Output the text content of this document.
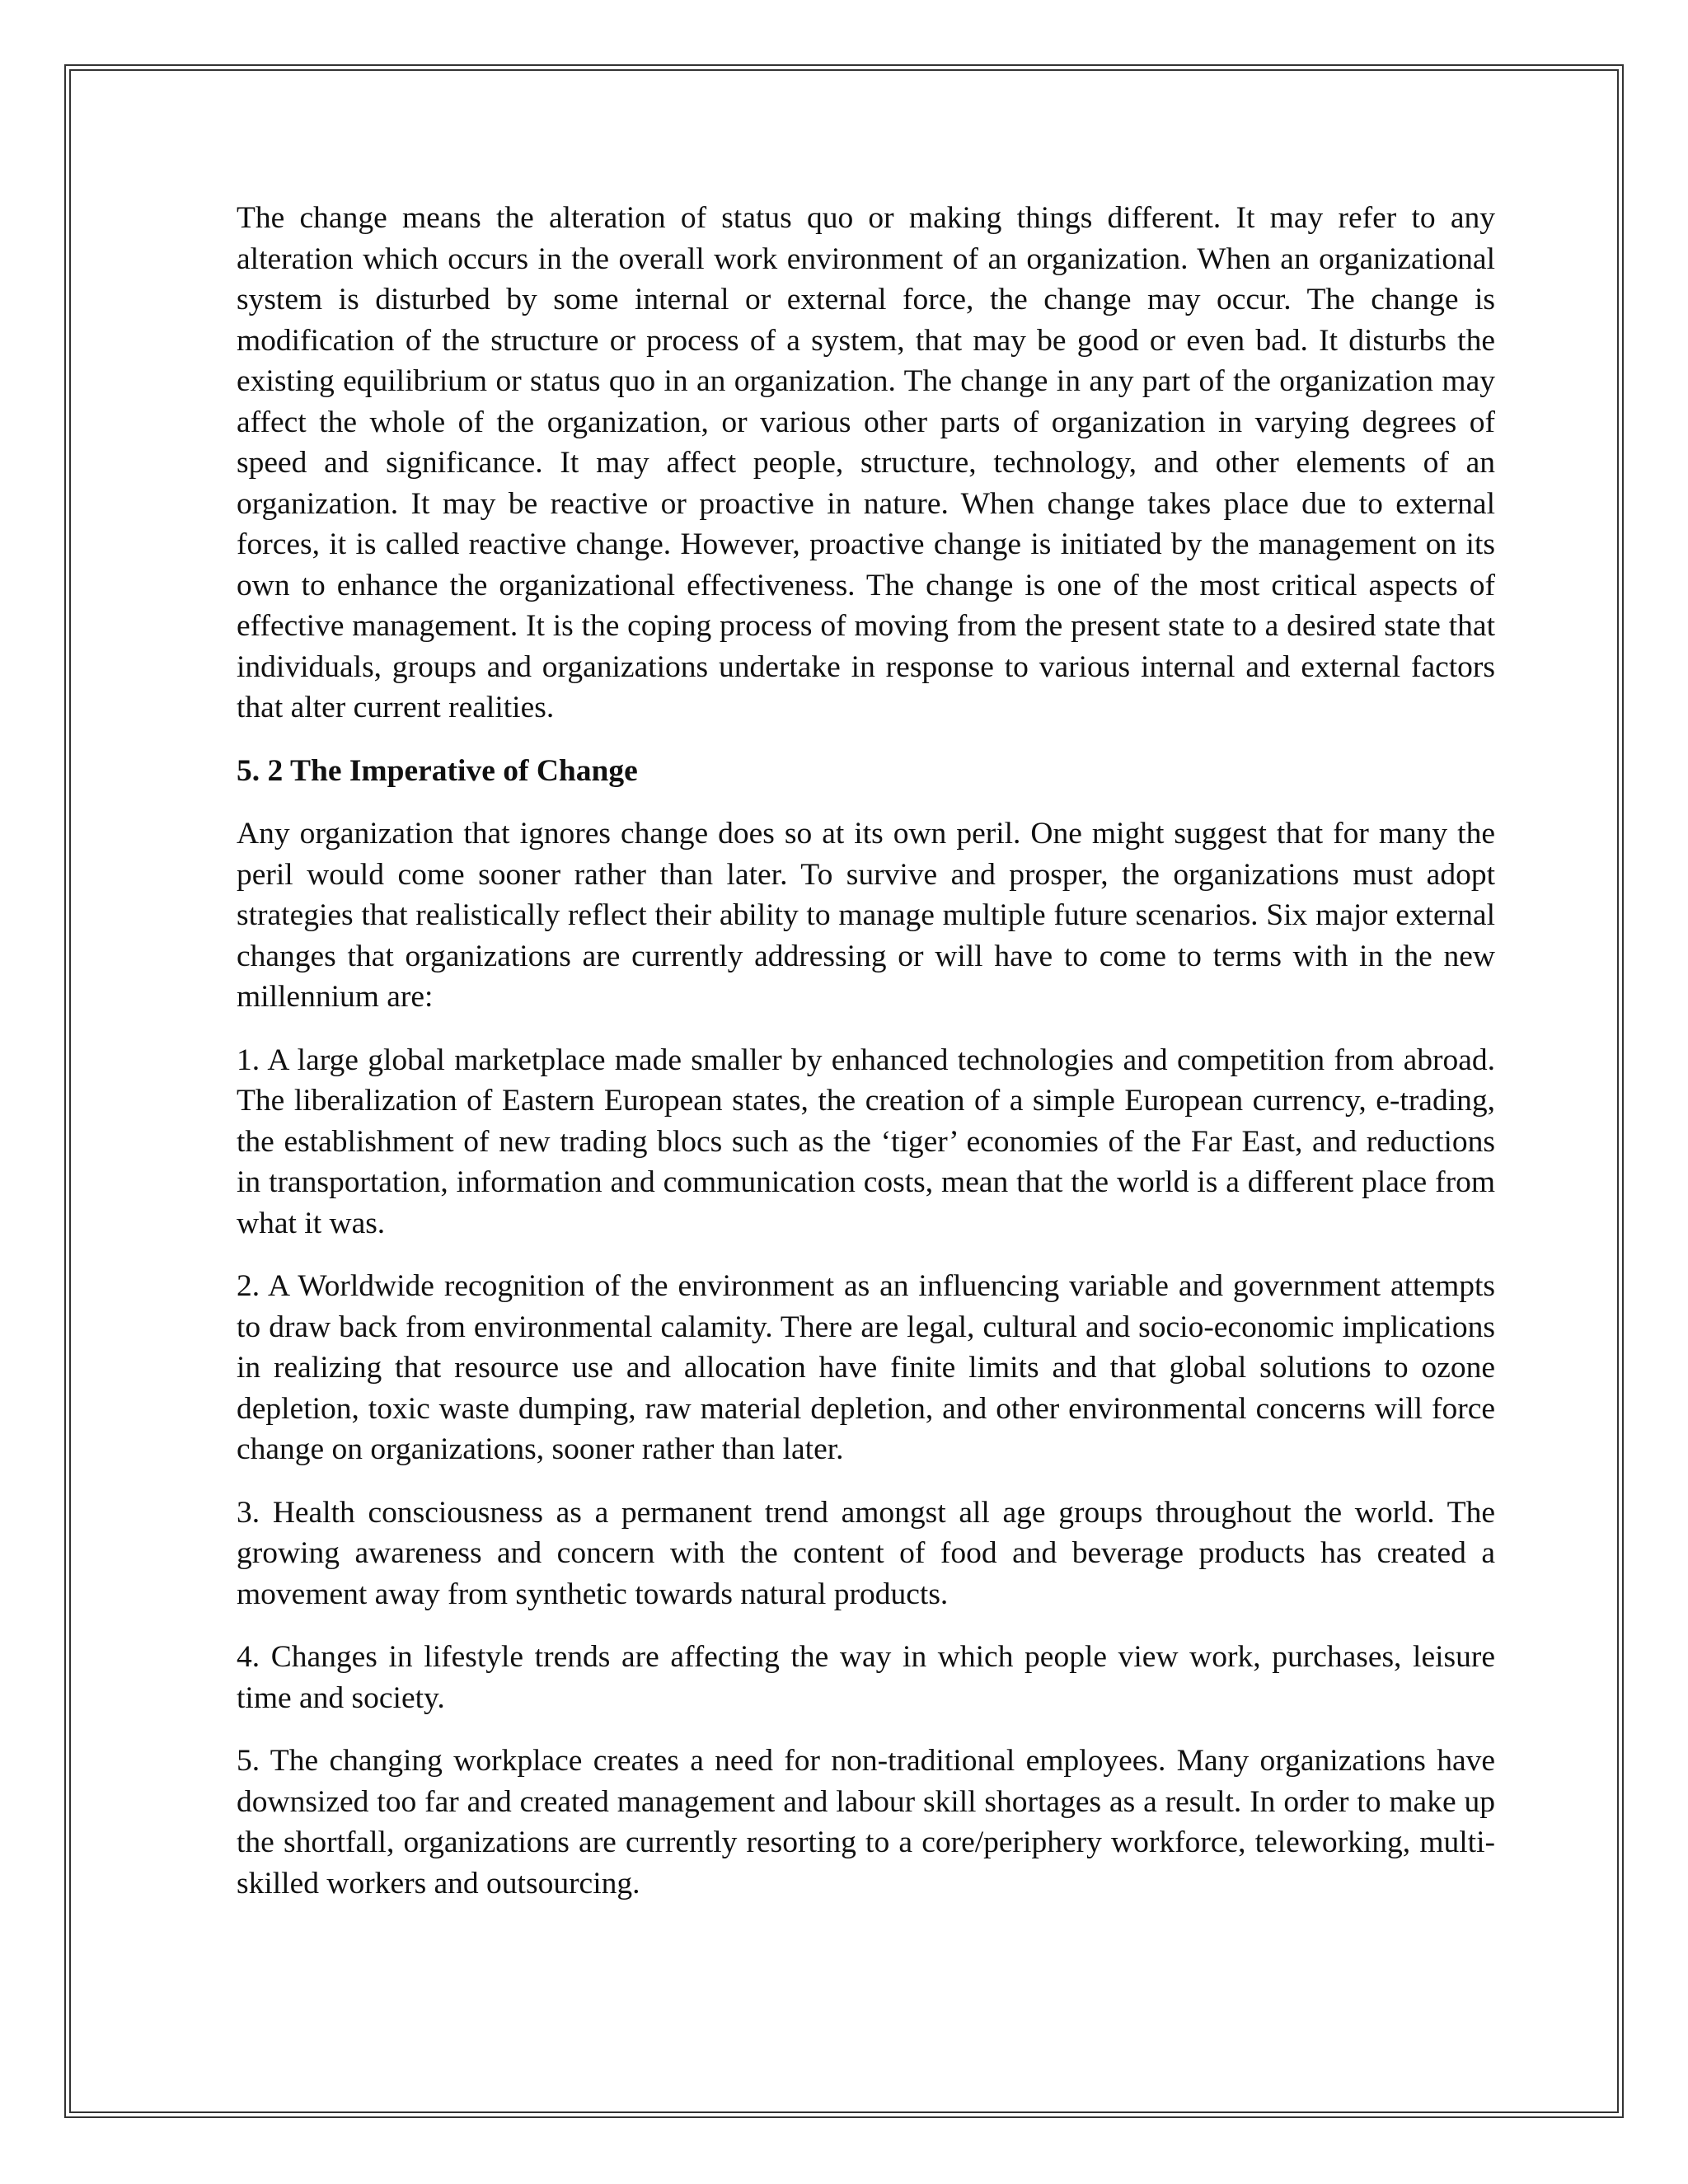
The change means the alteration of status quo or making things different. It may refer to any alteration which occurs in the overall work environment of an organization. When an organizational system is disturbed by some internal or external force, the change may occur. The change is modification of the structure or process of a system, that may be good or even bad. It disturbs the existing equilibrium or status quo in an organization. The change in any part of the organization may affect the whole of the organization, or various other parts of organization in varying degrees of speed and significance. It may affect people, structure, technology, and other elements of an organization. It may be reactive or proactive in nature. When change takes place due to external forces, it is called reactive change. However, proactive change is initiated by the management on its own to enhance the organizational effectiveness. The change is one of the most critical aspects of effective management. It is the coping process of moving from the present state to a desired state that individuals, groups and organizations undertake in response to various internal and external factors that alter current realities.

5. 2 The Imperative of Change

Any organization that ignores change does so at its own peril. One might suggest that for many the peril would come sooner rather than later. To survive and prosper, the organizations must adopt strategies that realistically reflect their ability to manage multiple future scenarios. Six major external changes that organizations are currently addressing or will have to come to terms with in the new millennium are:

1. A large global marketplace made smaller by enhanced technologies and competition from abroad. The liberalization of Eastern European states, the creation of a simple European currency, e-trading, the establishment of new trading blocs such as the ‘tiger’ economies of the Far East, and reductions in transportation, information and communication costs, mean that the world is a different place from what it was.

2. A Worldwide recognition of the environment as an influencing variable and government attempts to draw back from environmental calamity. There are legal, cultural and socio-economic implications in realizing that resource use and allocation have finite limits and that global solutions to ozone depletion, toxic waste dumping, raw material depletion, and other environmental concerns will force change on organizations, sooner rather than later.

3. Health consciousness as a permanent trend amongst all age groups throughout the world. The growing awareness and concern with the content of food and beverage products has created a movement away from synthetic towards natural products.

4. Changes in lifestyle trends are affecting the way in which people view work, purchases, leisure time and society.

5. The changing workplace creates a need for non-traditional employees. Many organizations have downsized too far and created management and labour skill shortages as a result. In order to make up the shortfall, organizations are currently resorting to a core/periphery workforce, teleworking, multi-skilled workers and outsourcing.
